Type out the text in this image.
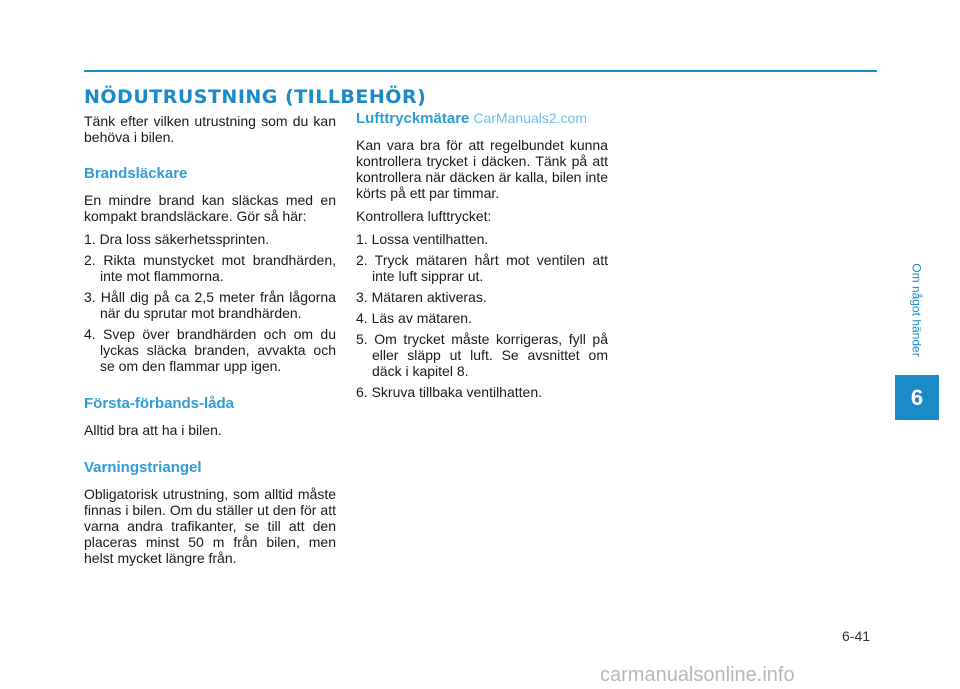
NÖDUTRUSTNING (TILLBEHÖR)

Tänk efter vilken utrustning som du kan behöva i bilen.

Brandsläckare

En mindre brand kan släckas med en kompakt brandsläckare. Gör så här:

1. Dra loss säkerhetssprinten.
2. Rikta munstycket mot brandhärden, inte mot flammorna.
3. Håll dig på ca 2,5 meter från lågorna när du sprutar mot brandhärden.
4. Svep över brandhärden och om du lyckas släcka branden, avvakta och se om den flammar upp igen.
Första-förbands-låda

Alltid bra att ha i bilen.

Varningstriangel

Obligatorisk utrustning, som alltid måste finnas i bilen. Om du ställer ut den för att varna andra trafikanter, se till att den placeras minst 50 m från bilen, men helst mycket längre från.

Lufttryckmätare CarManuals2.com

Kan vara bra för att regelbundet kunna kontrollera trycket i däcken. Tänk på att kontrollera när däcken är kalla, bilen inte körts på ett par timmar.

Kontrollera lufttrycket:

1. Lossa ventilhatten.
2. Tryck mätaren hårt mot ventilen att inte luft sipprar ut.
3. Mätaren aktiveras.
4. Läs av mätaren.
5. Om trycket måste korrigeras, fyll på eller släpp ut luft. Se avsnittet om däck i kapitel 8.
6. Skruva tillbaka ventilhatten.
Om något händer
6
6-41
carmanualsonline.info
